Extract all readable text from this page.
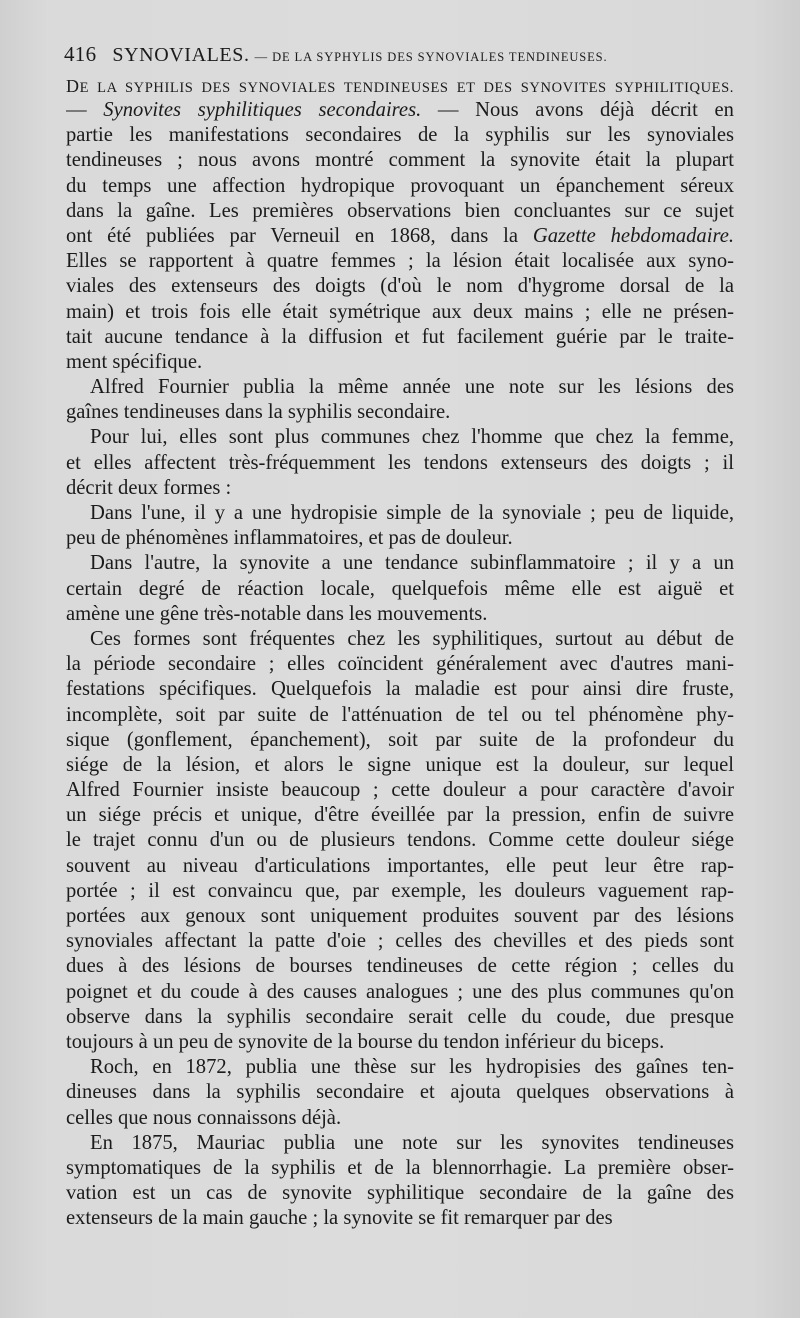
416 SYNOVIALES. — DE LA SYPHYLIS DES SYNOVIALES TENDINEUSES.
DE LA SYPHILIS DES SYNOVIALES TENDINEUSES ET DES SYNOVITES SYPHILITIQUES.
— Synovites syphilitiques secondaires. — Nous avons déjà décrit en
partie les manifestations secondaires de la syphilis sur les synoviales
tendineuses ; nous avons montré comment la synovite était la plupart
du temps une affection hydropique provoquant un épanchement séreux
dans la gaîne. Les premières observations bien concluantes sur ce sujet
ont été publiées par Verneuil en 1868, dans la Gazette hebdomadaire.
Elles se rapportent à quatre femmes ; la lésion était localisée aux syno-
viales des extenseurs des doigts (d'où le nom d'hygrome dorsal de la
main) et trois fois elle était symétrique aux deux mains ; elle ne présen-
tait aucune tendance à la diffusion et fut facilement guérie par le traite-
ment spécifique.
Alfred Fournier publia la même année une note sur les lésions des
gaînes tendineuses dans la syphilis secondaire.
Pour lui, elles sont plus communes chez l'homme que chez la femme,
et elles affectent très-fréquemment les tendons extenseurs des doigts ; il
décrit deux formes :
Dans l'une, il y a une hydropisie simple de la synoviale ; peu de liquide,
peu de phénomènes inflammatoires, et pas de douleur.
Dans l'autre, la synovite a une tendance subinflammatoire ; il y a un
certain degré de réaction locale, quelquefois même elle est aiguë et
amène une gêne très-notable dans les mouvements.
Ces formes sont fréquentes chez les syphilitiques, surtout au début de
la période secondaire ; elles coïncident généralement avec d'autres mani-
festations spécifiques. Quelquefois la maladie est pour ainsi dire fruste,
incomplète, soit par suite de l'atténuation de tel ou tel phénomène phy-
sique (gonflement, épanchement), soit par suite de la profondeur du
siége de la lésion, et alors le signe unique est la douleur, sur lequel
Alfred Fournier insiste beaucoup ; cette douleur a pour caractère d'avoir
un siége précis et unique, d'être éveillée par la pression, enfin de suivre
le trajet connu d'un ou de plusieurs tendons. Comme cette douleur siége
souvent au niveau d'articulations importantes, elle peut leur être rap-
portée ; il est convaincu que, par exemple, les douleurs vaguement rap-
portées aux genoux sont uniquement produites souvent par des lésions
synoviales affectant la patte d'oie ; celles des chevilles et des pieds sont
dues à des lésions de bourses tendineuses de cette région ; celles du
poignet et du coude à des causes analogues ; une des plus communes qu'on
observe dans la syphilis secondaire serait celle du coude, due presque
toujours à un peu de synovite de la bourse du tendon inférieur du biceps.
Roch, en 1872, publia une thèse sur les hydropisies des gaînes ten-
dineuses dans la syphilis secondaire et ajouta quelques observations à
celles que nous connaissons déjà.
En 1875, Mauriac publia une note sur les synovites tendineuses
symptomatiques de la syphilis et de la blennorrhagie. La première obser-
vation est un cas de synovite syphilitique secondaire de la gaîne des
extenseurs de la main gauche ; la synovite se fit remarquer par des
